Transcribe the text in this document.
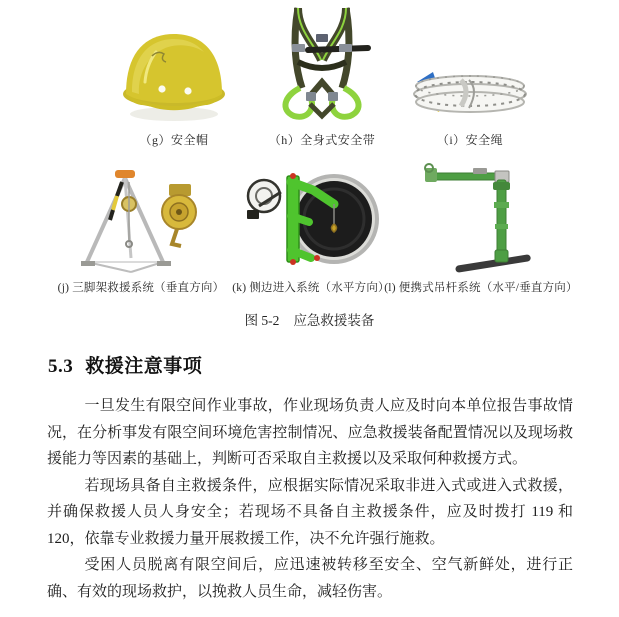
（g）安全帽	（h）全身式安全带	（i）安全绳
(j) 三脚架救援系统（垂直方向） (k) 侧边进入系统（水平方向）
(l) 便携式吊杆系统（水平/垂直方向）
图 5-2 应急救援装备
5.3 救援注意事项

一旦发生有限空间作业事故，作业现场负责人应及时向本单位报告事故情况，在分析事发有限空间环境危害控制情况、应急救援装备配置情况以及现场救援能力等因素的基础上，判断可否采取自主救援以及采取何种救援方式。

若现场具备自主救援条件，应根据实际情况采取非进入式或进入式救援，并确保救援人员人身安全；若现场不具备自主救援条件，应及时拨打 119 和 120，依靠专业救援力量开展救援工作，决不允许强行施救。

受困人员脱离有限空间后，应迅速被转移至安全、空气新鲜处，进行正确、有效的现场救护，以挽救人员生命，减轻伤害。
